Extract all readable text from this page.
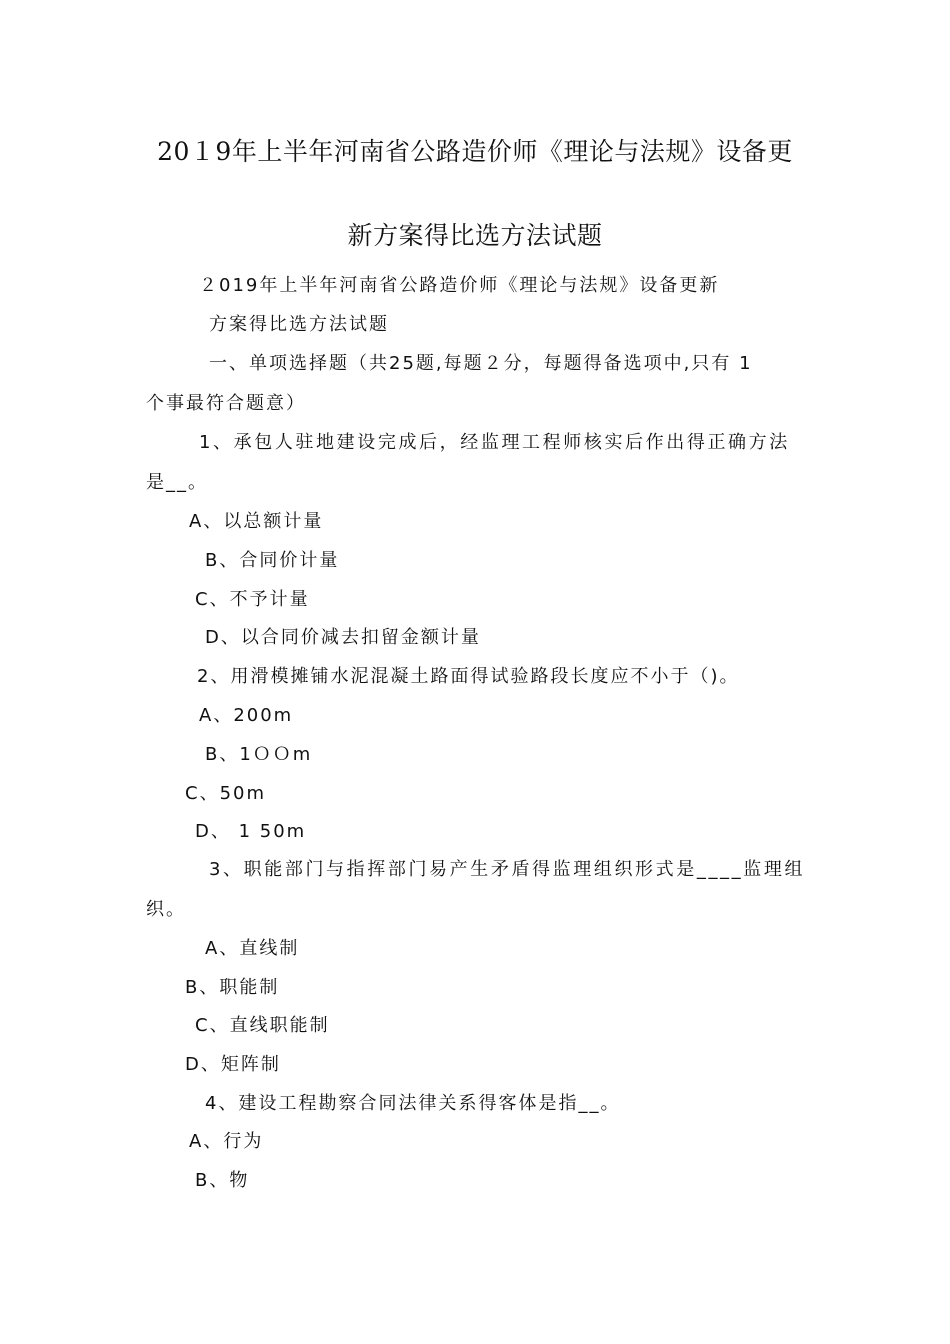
20１9年上半年河南省公路造价师《理论与法规》设备更
新方案得比选方法试题
２019年上半年河南省公路造价师《理论与法规》设备更新
方案得比选方法试题
一、单项选择题（共25题,每题２分，每题得备选项中,只有 1
个事最符合题意）
1、承包人驻地建设完成后，经监理工程师核实后作出得正确方法
是__。
A、以总额计量
B、合同价计量
C、不予计量
D、以合同价减去扣留金额计量
2、用滑模摊铺水泥混凝土路面得试验路段长度应不小于（)。
A、200m
B、1ＯＯm
C、50m
D、 1 50m
3、职能部门与指挥部门易产生矛盾得监理组织形式是____监理组
织。
A、直线制
B、职能制
C、直线职能制
D、矩阵制
4、建设工程勘察合同法律关系得客体是指__。
A、行为
B、物
